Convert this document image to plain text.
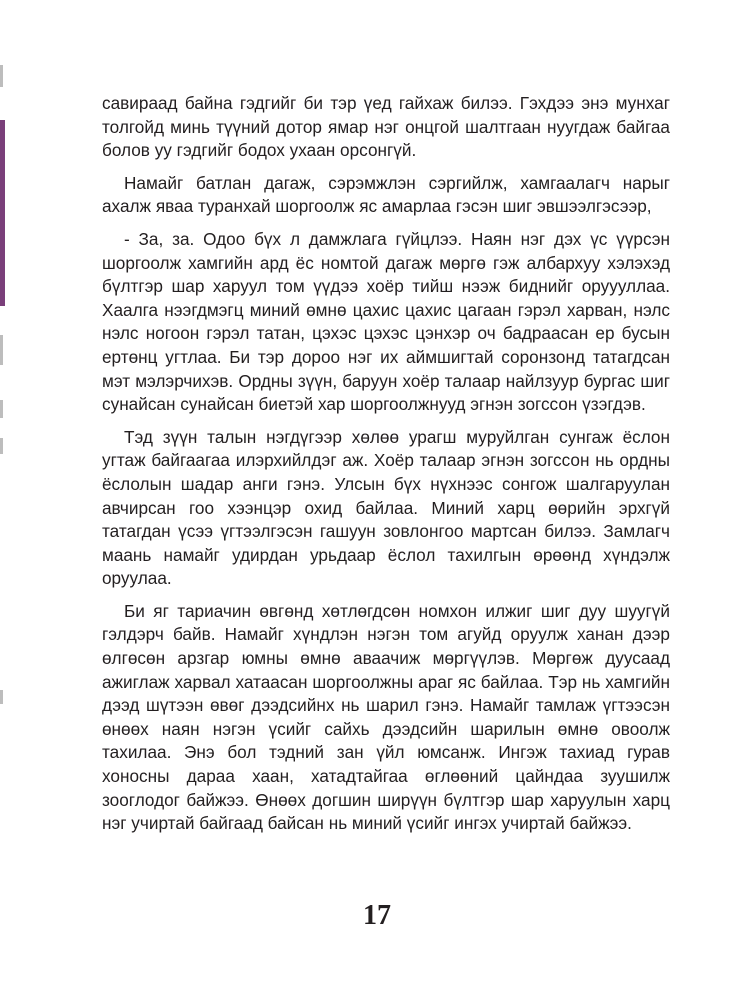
савираад байна гэдгийг би тэр үед гайхаж билээ. Гэхдээ энэ мунхаг толгойд минь түүний дотор ямар нэг онцгой шалтгаан нуугдаж байгаа болов уу гэдгийг бодох ухаан орсонгүй.

Намайг батлан дагаж, сэрэмжлэн сэргийлж, хамгаалагч нарыг ахалж яваа туранхай шоргоолж яс амарлаа гэсэн шиг эвшээлгэсээр,

- За, за. Одоо бүх л дамжлага гүйцлээ. Наян нэг дэх үс үүрсэн шоргоолж хамгийн ард ёс номтой дагаж мөргө гэж албархуу хэлэхэд бүлтгэр шар харуул том үүдээ хоёр тийш нээж биднийг оруууллаа. Хаалга нээгдмэгц миний өмнө цахис цахис цагаан гэрэл харван, нэлс нэлс ногоон гэрэл татан, цэхэс цэхэс цэнхэр оч бадраасан ер бусын ертөнц угтлаа. Би тэр дороо нэг их аймшигтай соронзонд татагдсан мэт мэлэрчихэв. Ордны зүүн, баруун хоёр талаар найлзуур бургас шиг сунайсан сунайсан биетэй хар шоргоолжнууд эгнэн зогссон үзэгдэв.

Тэд зүүн талын нэгдүгээр хөлөө урагш муруйлган сунгаж ёслон угтаж байгаагаа илэрхийлдэг аж. Хоёр талаар эгнэн зогссон нь ордны ёслолын шадар анги гэнэ. Улсын бүх нүхнээс сонгож шалгаруулан авчирсан гоо хээнцэр охид байлаа. Миний харц өөрийн эрхгүй татагдан үсээ үгтээлгэсэн гашуун зовлонгоо мартсан билээ. Замлагч маань намайг удирдан урьдаар ёслол тахилгын өрөөнд хүндэлж оруулаа.

Би яг тариачин өвгөнд хөтлөгдсөн номхон илжиг шиг дуу шуугүй гэлдэрч байв. Намайг хүндлэн нэгэн том агуйд оруулж ханан дээр өлгөсөн арзгар юмны өмнө аваачиж мөргүүлэв. Мөргөж дуусаад ажиглаж харвал хатаасан шоргоолжны араг яс байлаа. Тэр нь хамгийн дээд шүтээн өвөг дээдсийнх нь шарил гэнэ. Намайг тамлаж үгтээсэн өнөөх наян нэгэн үсийг сайхь дээдсийн шарилын өмнө овоолж тахилаа. Энэ бол тэдний зан үйл юмсанж. Ингэж тахиад гурав хоносны дараа хаан, хатадтайгаа өглөөний цайндаа зуушилж зооглодог байжээ. Өнөөх догшин ширүүн бүлтгэр шар харуулын харц нэг учиртай байгаад байсан нь миний үсийг ингэх учиртай байжээ.

17
